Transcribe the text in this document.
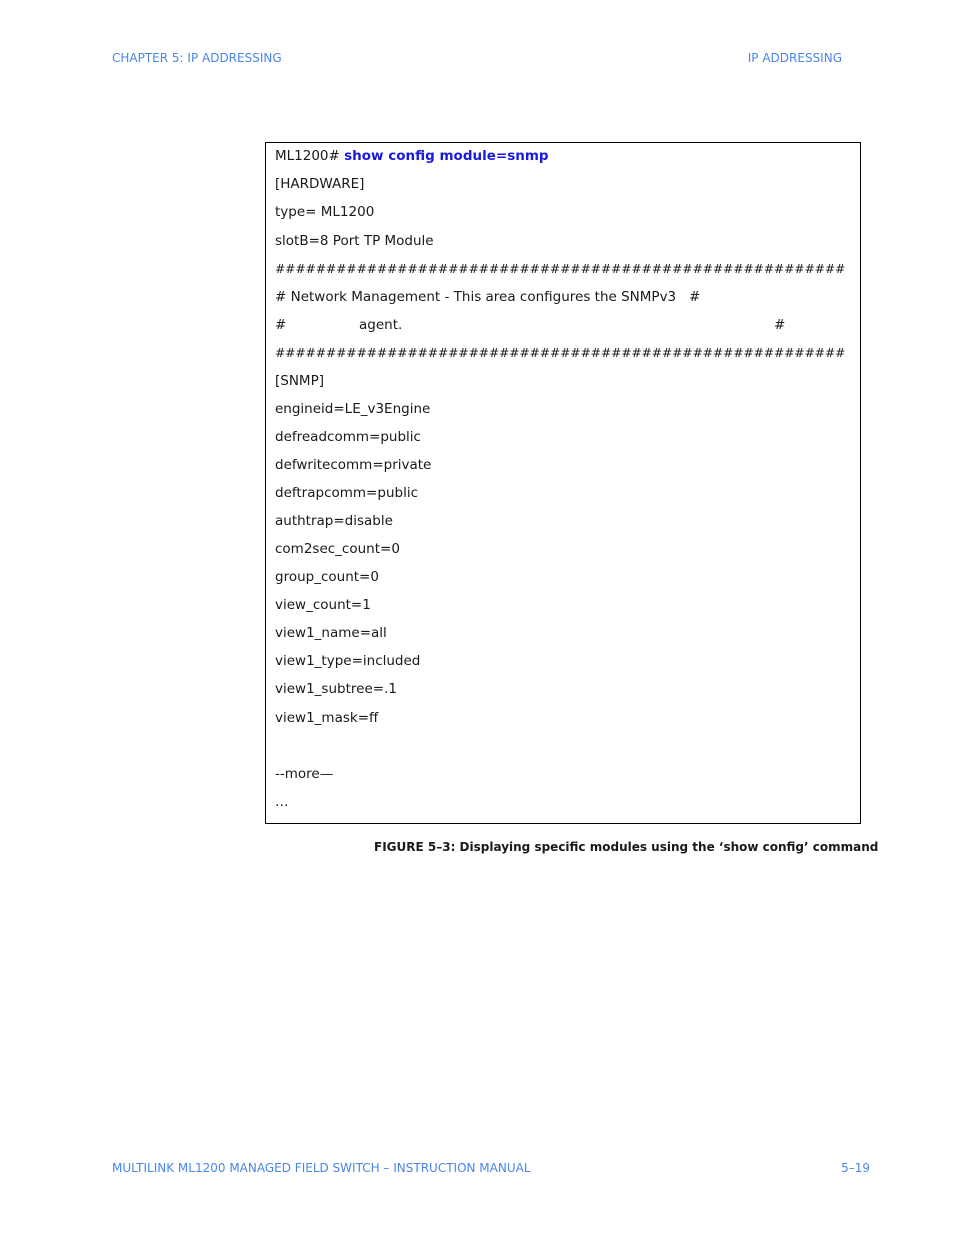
CHAPTER 5: IP ADDRESSING	IP ADDRESSING
ML1200# show config module=snmp
[HARDWARE]
type= ML1200
slotB=8 Port TP Module
########################################################
# Network Management - This area configures the SNMPv3 #
#	agent.	#
########################################################
[SNMP]
engineid=LE_v3Engine
defreadcomm=public
defwritecomm=private
deftrapcomm=public
authtrap=disable
com2sec_count=0
group_count=0
view_count=1
view1_name=all
view1_type=included
view1_subtree=.1
view1_mask=ff
--more—
…
FIGURE 5–3: Displaying specific modules using the ‘show config’ command
MULTILINK ML1200 MANAGED FIELD SWITCH – INSTRUCTION MANUAL	5–19
